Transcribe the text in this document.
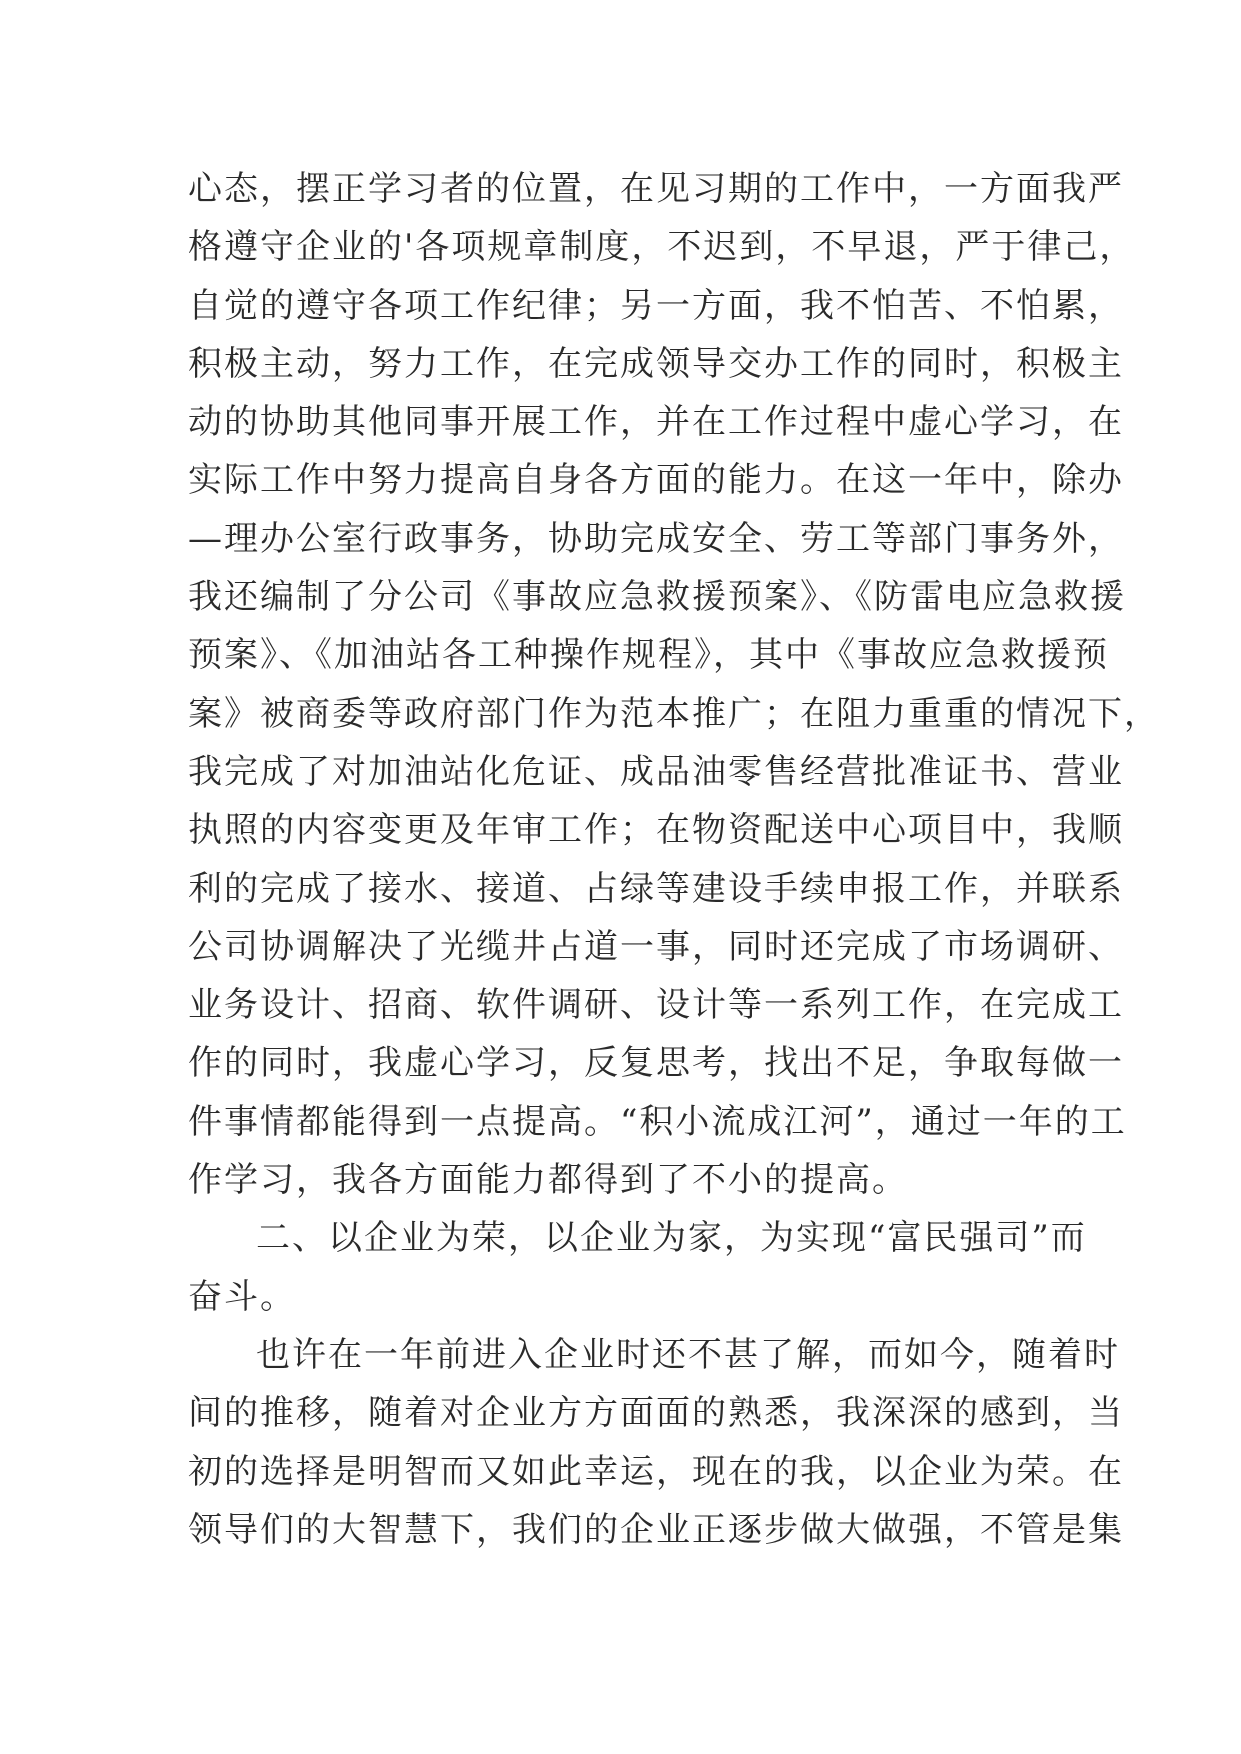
心态，摆正学习者的位置，在见习期的工作中，一方面我严
格遵守企业的'各项规章制度，不迟到，不早退，严于律己，
自觉的遵守各项工作纪律；另一方面，我不怕苦、不怕累，
积极主动，努力工作，在完成领导交办工作的同时，积极主
动的协助其他同事开展工作，并在工作过程中虚心学习，在
实际工作中努力提高自身各方面的能力。在这一年中，除办
—理办公室行政事务，协助完成安全、劳工等部门事务外，
我还编制了分公司《事故应急救援预案》、《防雷电应急救援
预案》、《加油站各工种操作规程》，其中《事故应急救援预
案》被商委等政府部门作为范本推广；在阻力重重的情况下，
我完成了对加油站化危证、成品油零售经营批准证书、营业
执照的内容变更及年审工作；在物资配送中心项目中，我顺
利的完成了接水、接道、占绿等建设手续申报工作，并联系
公司协调解决了光缆井占道一事，同时还完成了市场调研、
业务设计、招商、软件调研、设计等一系列工作，在完成工
作的同时，我虚心学习，反复思考，找出不足，争取每做一
件事情都能得到一点提高。“积小流成江河”，通过一年的工
作学习，我各方面能力都得到了不小的提高。
二、以企业为荣，以企业为家，为实现“富民强司”而
奋斗。
也许在一年前进入企业时还不甚了解，而如今，随着时
间的推移，随着对企业方方面面的熟悉，我深深的感到，当
初的选择是明智而又如此幸运，现在的我，以企业为荣。在
领导们的大智慧下，我们的企业正逐步做大做强，不管是集
